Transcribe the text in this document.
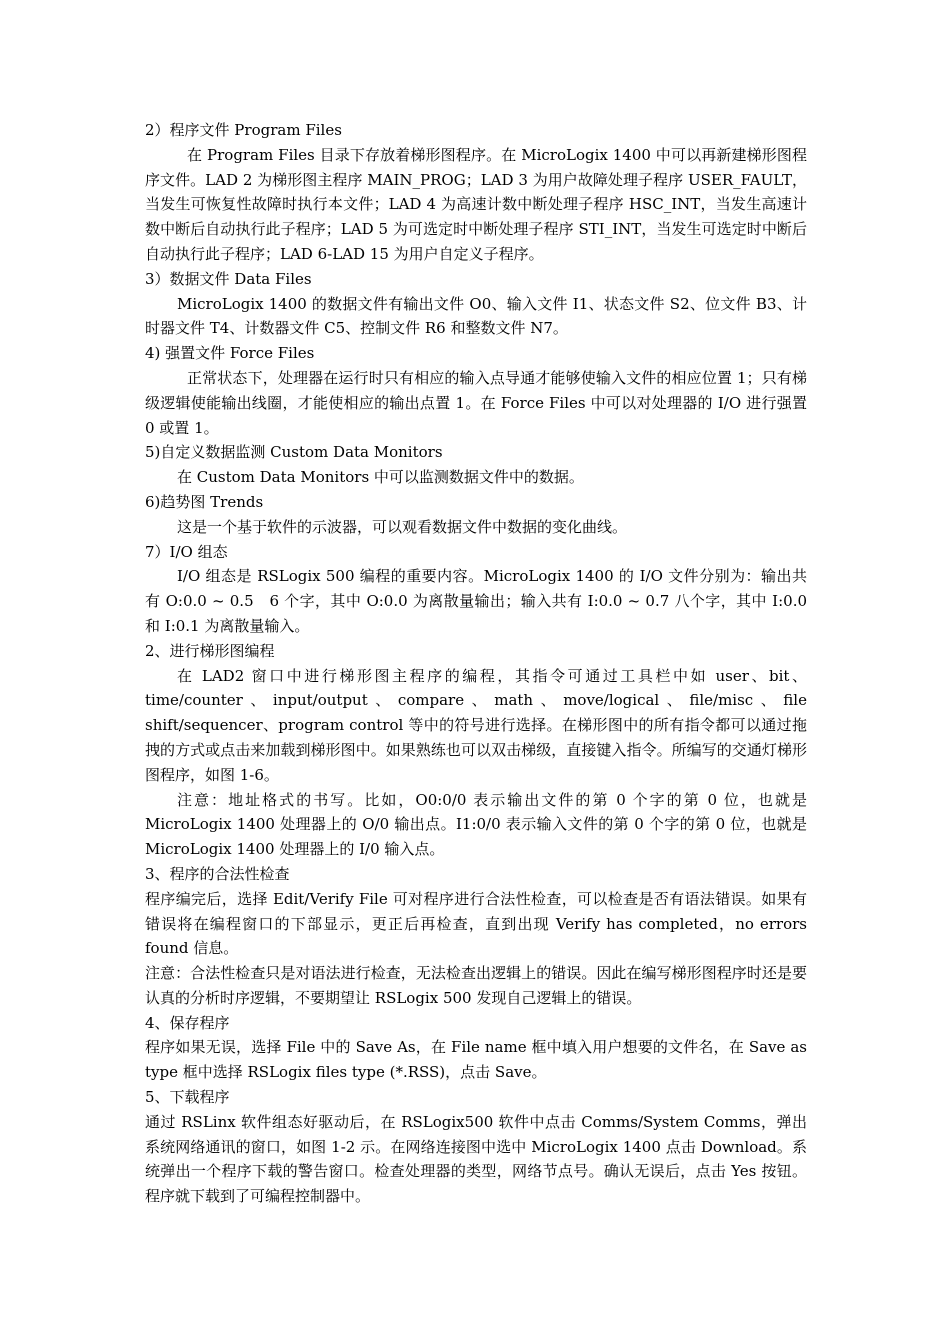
2）程序文件 Program Files

在 Program Files 目录下存放着梯形图程序。在 MicroLogix 1400 中可以再新建梯形图程序文件。LAD 2 为梯形图主程序 MAIN_PROG；LAD 3 为用户故障处理子程序 USER_FAULT，当发生可恢复性故障时执行本文件；LAD 4 为高速计数中断处理子程序 HSC_INT，当发生高速计数中断后自动执行此子程序；LAD 5 为可选定时中断处理子程序 STI_INT，当发生可选定时中断后自动执行此子程序；LAD 6-LAD 15 为用户自定义子程序。

3）数据文件 Data Files

MicroLogix 1400 的数据文件有输出文件 O0、输入文件 I1、状态文件 S2、位文件 B3、计时器文件 T4、计数器文件 C5、控制文件 R6 和整数文件 N7。

4) 强置文件 Force Files

正常状态下，处理器在运行时只有相应的输入点导通才能够使输入文件的相应位置 1；只有梯级逻辑使能输出线圈，才能使相应的输出点置 1。在 Force Files 中可以对处理器的 I/O 进行强置 0 或置 1。

5)自定义数据监测 Custom Data Monitors

在 Custom Data Monitors 中可以监测数据文件中的数据。

6)趋势图 Trends

这是一个基于软件的示波器，可以观看数据文件中数据的变化曲线。

7）I/O 组态

I/O 组态是 RSLogix 500 编程的重要内容。MicroLogix 1400 的 I/O 文件分别为：输出共有 O:0.0 ~ 0.5　6 个字，其中 O:0.0 为离散量输出；输入共有 I:0.0 ~ 0.7 八个字，其中 I:0.0 和 I:0.1 为离散量输入。

2、进行梯形图编程

在 LAD2 窗口中进行梯形图主程序的编程，其指令可通过工具栏中如 user、bit、time/counter、input/output、compare、math、move/logical、file/misc、file shift/sequencer、program control 等中的符号进行选择。在梯形图中的所有指令都可以通过拖拽的方式或点击来加载到梯形图中。如果熟练也可以双击梯级，直接键入指令。所编写的交通灯梯形图程序，如图 1-6。

注意：地址格式的书写。比如，O0:0/0 表示输出文件的第 0 个字的第 0 位，也就是 MicroLogix 1400 处理器上的 O/0 输出点。I1:0/0 表示输入文件的第 0 个字的第 0 位，也就是 MicroLogix 1400 处理器上的 I/0 输入点。

3、程序的合法性检查

程序编完后，选择 Edit/Verify File 可对程序进行合法性检查，可以检查是否有语法错误。如果有错误将在编程窗口的下部显示，更正后再检查，直到出现 Verify has completed，no errors found 信息。

注意：合法性检查只是对语法进行检查，无法检查出逻辑上的错误。因此在编写梯形图程序时还是要认真的分析时序逻辑，不要期望让 RSLogix 500 发现自己逻辑上的错误。

4、保存程序

程序如果无误，选择 File 中的 Save As，在 File name 框中填入用户想要的文件名，在 Save as type 框中选择 RSLogix files type (*.RSS)，点击 Save。

5、下载程序

通过 RSLinx 软件组态好驱动后，在 RSLogix500 软件中点击 Comms/System Comms，弹出系统网络通讯的窗口，如图 1-2 示。在网络连接图中选中 MicroLogix 1400 点击 Download。系统弹出一个程序下载的警告窗口。检查处理器的类型，网络节点号。确认无误后，点击 Yes 按钮。程序就下载到了可编程控制器中。
